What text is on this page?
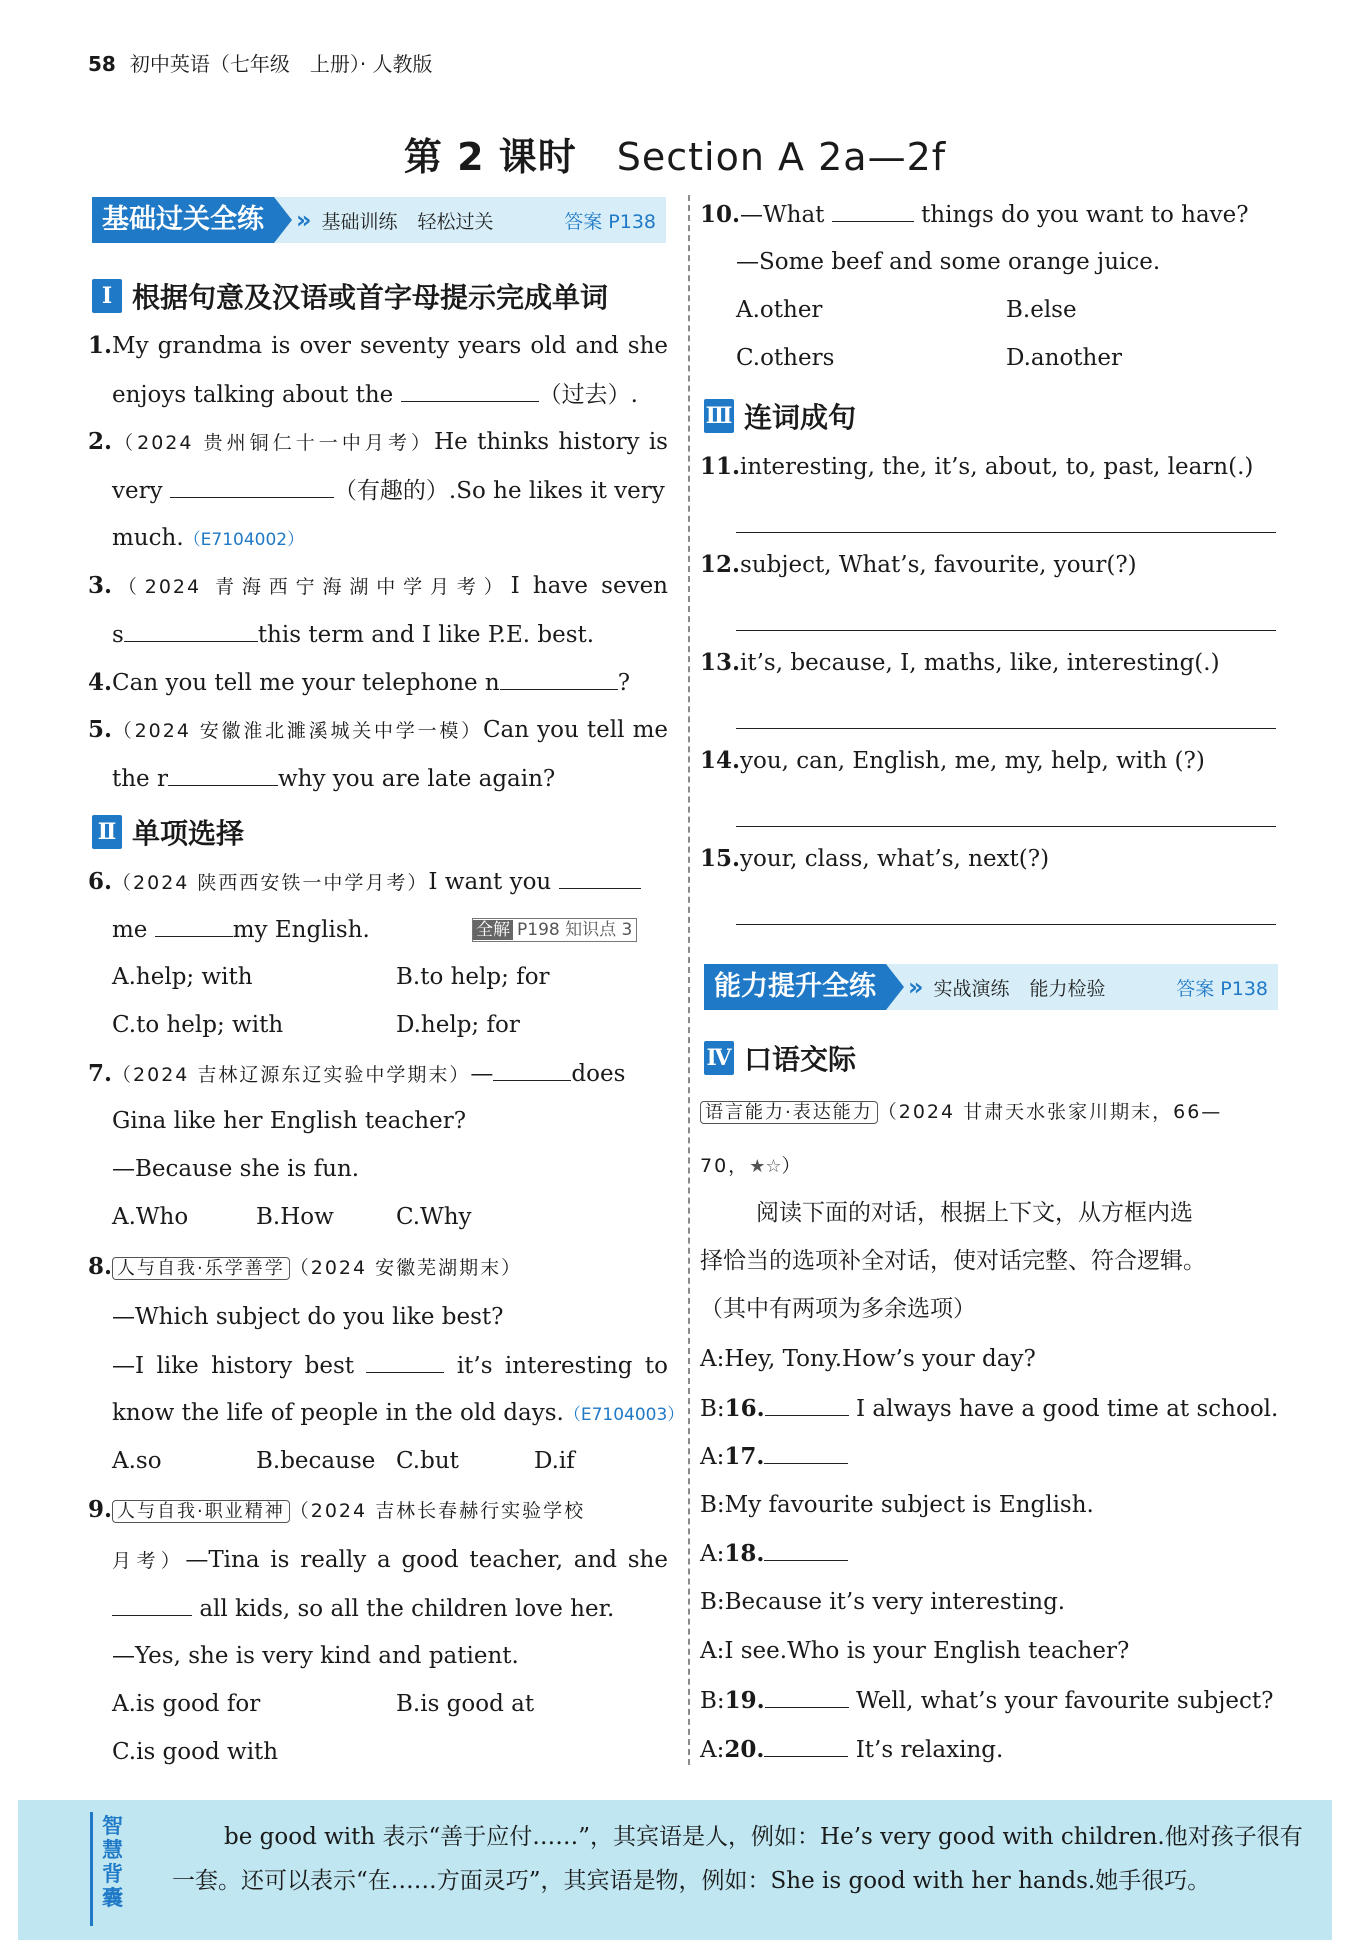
58 初中英语（七年级　上册）· 人教版
第 2 课时 Section A 2a—2f
基础过关全练	» 基础训练 轻松过关	答案 P138
Ⅰ 根据句意及汉语或首字母提示完成单词
1.My grandma is over seventy years old and she
enjoys talking about the	（过去）.
2.（2024 贵州铜仁十一中月考）He thinks history is
very	（有趣的）.So he likes it very
much.（E7104002）
3.（2024 青海西宁海湖中学月考）I have seven
s	this term and I like P.E. best.
4.Can you tell me your telephone n	?
5.（2024 安徽淮北濉溪城关中学一模）Can you tell me
the r	why you are late again?
Ⅱ 单项选择
6.（2024 陕西西安铁一中学月考）I want you
me	my English.	全解 P198 知识点 3
A.help; with	B.to help; for
C.to help; with	D.help; for
7.（2024 吉林辽源东辽实验中学期末）—	does
Gina like her English teacher?
—Because she is fun.
A.Who	B.How	C.Why
8. 人与自我·乐学善学 （2024 安徽芜湖期末）
—Which subject do you like best?
—I like history best	it’s interesting to
know the life of people in the old days.（E7104003）
A.so	B.because C.but	D.if
9. 人与自我·职业精神 （2024 吉林长春赫行实验学校
月考）—Tina is really a good teacher, and she
all kids, so all the children love her.
—Yes, she is very kind and patient.
A.is good for	B.is good at
C.is good with
10.—What	things do you want to have?
—Some beef and some orange juice.
A.other	B.else
C.others	D.another
Ⅲ 连词成句
11.interesting, the, it’s, about, to, past, learn(.)
12.subject, What’s, favourite, your(?)
13.it’s, because, I, maths, like, interesting(.)
14.you, can, English, me, my, help, with (?)
15.your, class, what’s, next(?)
能力提升全练	» 实战演练 能力检验	答案 P138
Ⅳ 口语交际
语言能力·表达能力 （2024 甘肃天水张家川期末，66—
70，★☆）
阅读下面的对话，根据上下文，从方框内选
择恰当的选项补全对话，使对话完整、符合逻辑。
（其中有两项为多余选项）
A:Hey, Tony.How’s your day?
B:16.	I always have a good time at school.
A:17.
B:My favourite subject is English.
A:18.
B:Because it’s very interesting.
A:I see.Who is your English teacher?
B:19.	Well, what’s your favourite subject?
A:20.	It’s relaxing.
智慧背囊
be good with 表示“善于应付……”，其宾语是人，例如：He’s very good with children.他对孩子很有
一套。还可以表示“在……方面灵巧”，其宾语是物，例如：She is good with her hands.她手很巧。
